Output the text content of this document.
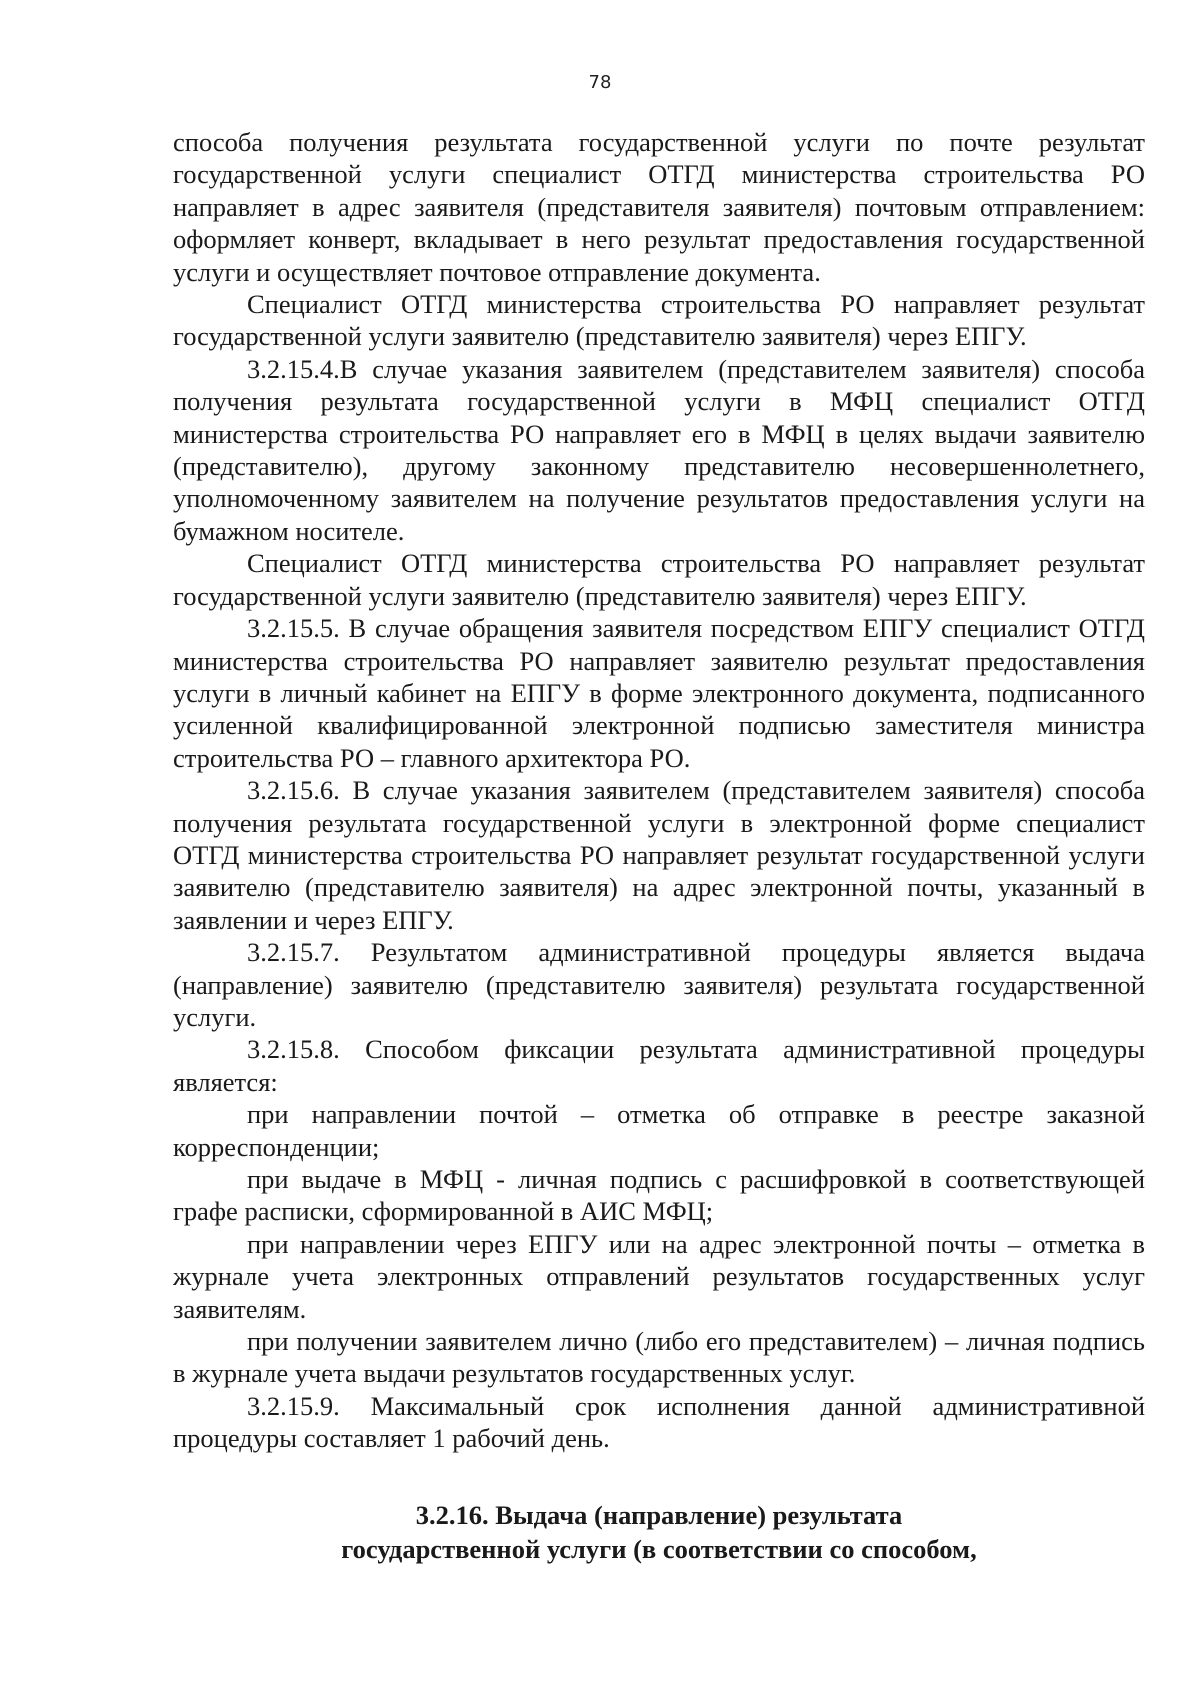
78

способа получения результата государственной услуги по почте результат государственной услуги специалист ОТГД министерства строительства РО направляет в адрес заявителя (представителя заявителя) почтовым отправлением: оформляет конверт, вкладывает в него результат предоставления государственной услуги и осуществляет почтовое отправление документа.

Специалист ОТГД министерства строительства РО направляет результат государственной услуги заявителю (представителю заявителя) через ЕПГУ.

3.2.15.4.В случае указания заявителем (представителем заявителя) способа получения результата государственной услуги в МФЦ специалист ОТГД министерства строительства РО направляет его в МФЦ в целях выдачи заявителю (представителю), другому законному представителю несовершеннолетнего, уполномоченному заявителем на получение результатов предоставления услуги на бумажном носителе.

Специалист ОТГД министерства строительства РО направляет результат государственной услуги заявителю (представителю заявителя) через ЕПГУ.

3.2.15.5. В случае обращения заявителя посредством ЕПГУ специалист ОТГД министерства строительства РО направляет заявителю результат предоставления услуги в личный кабинет на ЕПГУ в форме электронного документа, подписанного усиленной квалифицированной электронной подписью заместителя министра строительства РО – главного архитектора РО.

3.2.15.6. В случае указания заявителем (представителем заявителя) способа получения результата государственной услуги в электронной форме специалист ОТГД министерства строительства РО направляет результат государственной услуги заявителю (представителю заявителя) на адрес электронной почты, указанный в заявлении и через ЕПГУ.

3.2.15.7. Результатом административной процедуры является выдача (направление) заявителю (представителю заявителя) результата государственной услуги.

3.2.15.8. Способом фиксации результата административной процедуры является:

при направлении почтой – отметка об отправке в реестре заказной корреспонденции;

при выдаче в МФЦ - личная подпись с расшифровкой в соответствующей графе расписки, сформированной в АИС МФЦ;

при направлении через ЕПГУ или на адрес электронной почты – отметка в журнале учета электронных отправлений результатов государственных услуг заявителям.

при получении заявителем лично (либо его представителем) – личная подпись в журнале учета выдачи результатов государственных услуг.

3.2.15.9. Максимальный срок исполнения данной административной процедуры составляет 1 рабочий день.

3.2.16. Выдача (направление) результата
государственной услуги (в соответствии со способом,
